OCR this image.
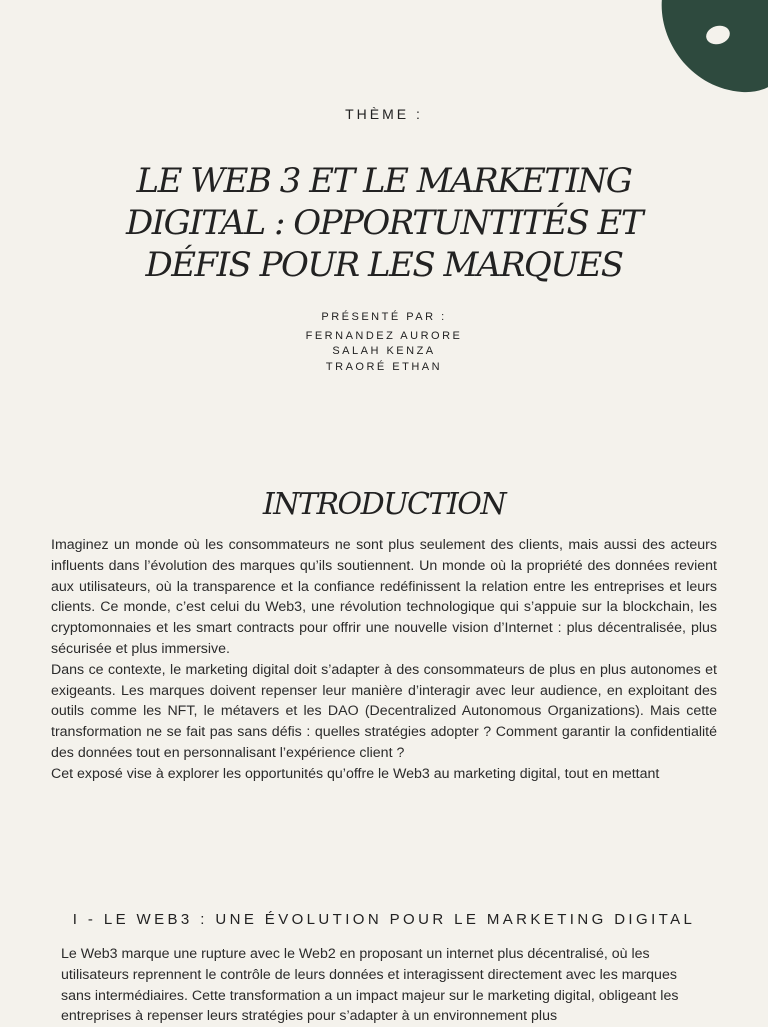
THÈME :
LE WEB 3 ET LE MARKETING DIGITAL : OPPORTUNTITÉS ET DÉFIS POUR LES MARQUES
PRÉSENTÉ PAR :
FERNANDEZ AURORE
SALAH KENZA
TRAORÉ ETHAN
INTRODUCTION

Imaginez un monde où les consommateurs ne sont plus seulement des clients, mais aussi des acteurs influents dans l’évolution des marques qu’ils soutiennent. Un monde où la propriété des données revient aux utilisateurs, où la transparence et la confiance redéfinissent la relation entre les entreprises et leurs clients. Ce monde, c’est celui du Web3, une révolution technologique qui s’appuie sur la blockchain, les cryptomonnaies et les smart contracts pour offrir une nouvelle vision d’Internet : plus décentralisée, plus sécurisée et plus immersive.

Dans ce contexte, le marketing digital doit s’adapter à des consommateurs de plus en plus autonomes et exigeants. Les marques doivent repenser leur manière d’interagir avec leur audience, en exploitant des outils comme les NFT, le métavers et les DAO (Decentralized Autonomous Organizations). Mais cette transformation ne se fait pas sans défis : quelles stratégies adopter ? Comment garantir la confidentialité des données tout en personnalisant l’expérience client ?

Cet exposé vise à explorer les opportunités qu’offre le Web3 au marketing digital, tout en mettant

I - LE WEB3 : UNE ÉVOLUTION POUR LE MARKETING DIGITAL

Le Web3 marque une rupture avec le Web2 en proposant un internet plus décentralisé, où les utilisateurs reprennent le contrôle de leurs données et interagissent directement avec les marques sans intermédiaires. Cette transformation a un impact majeur sur le marketing digital, obligeant les entreprises à repenser leurs stratégies pour s’adapter à un environnement plus
